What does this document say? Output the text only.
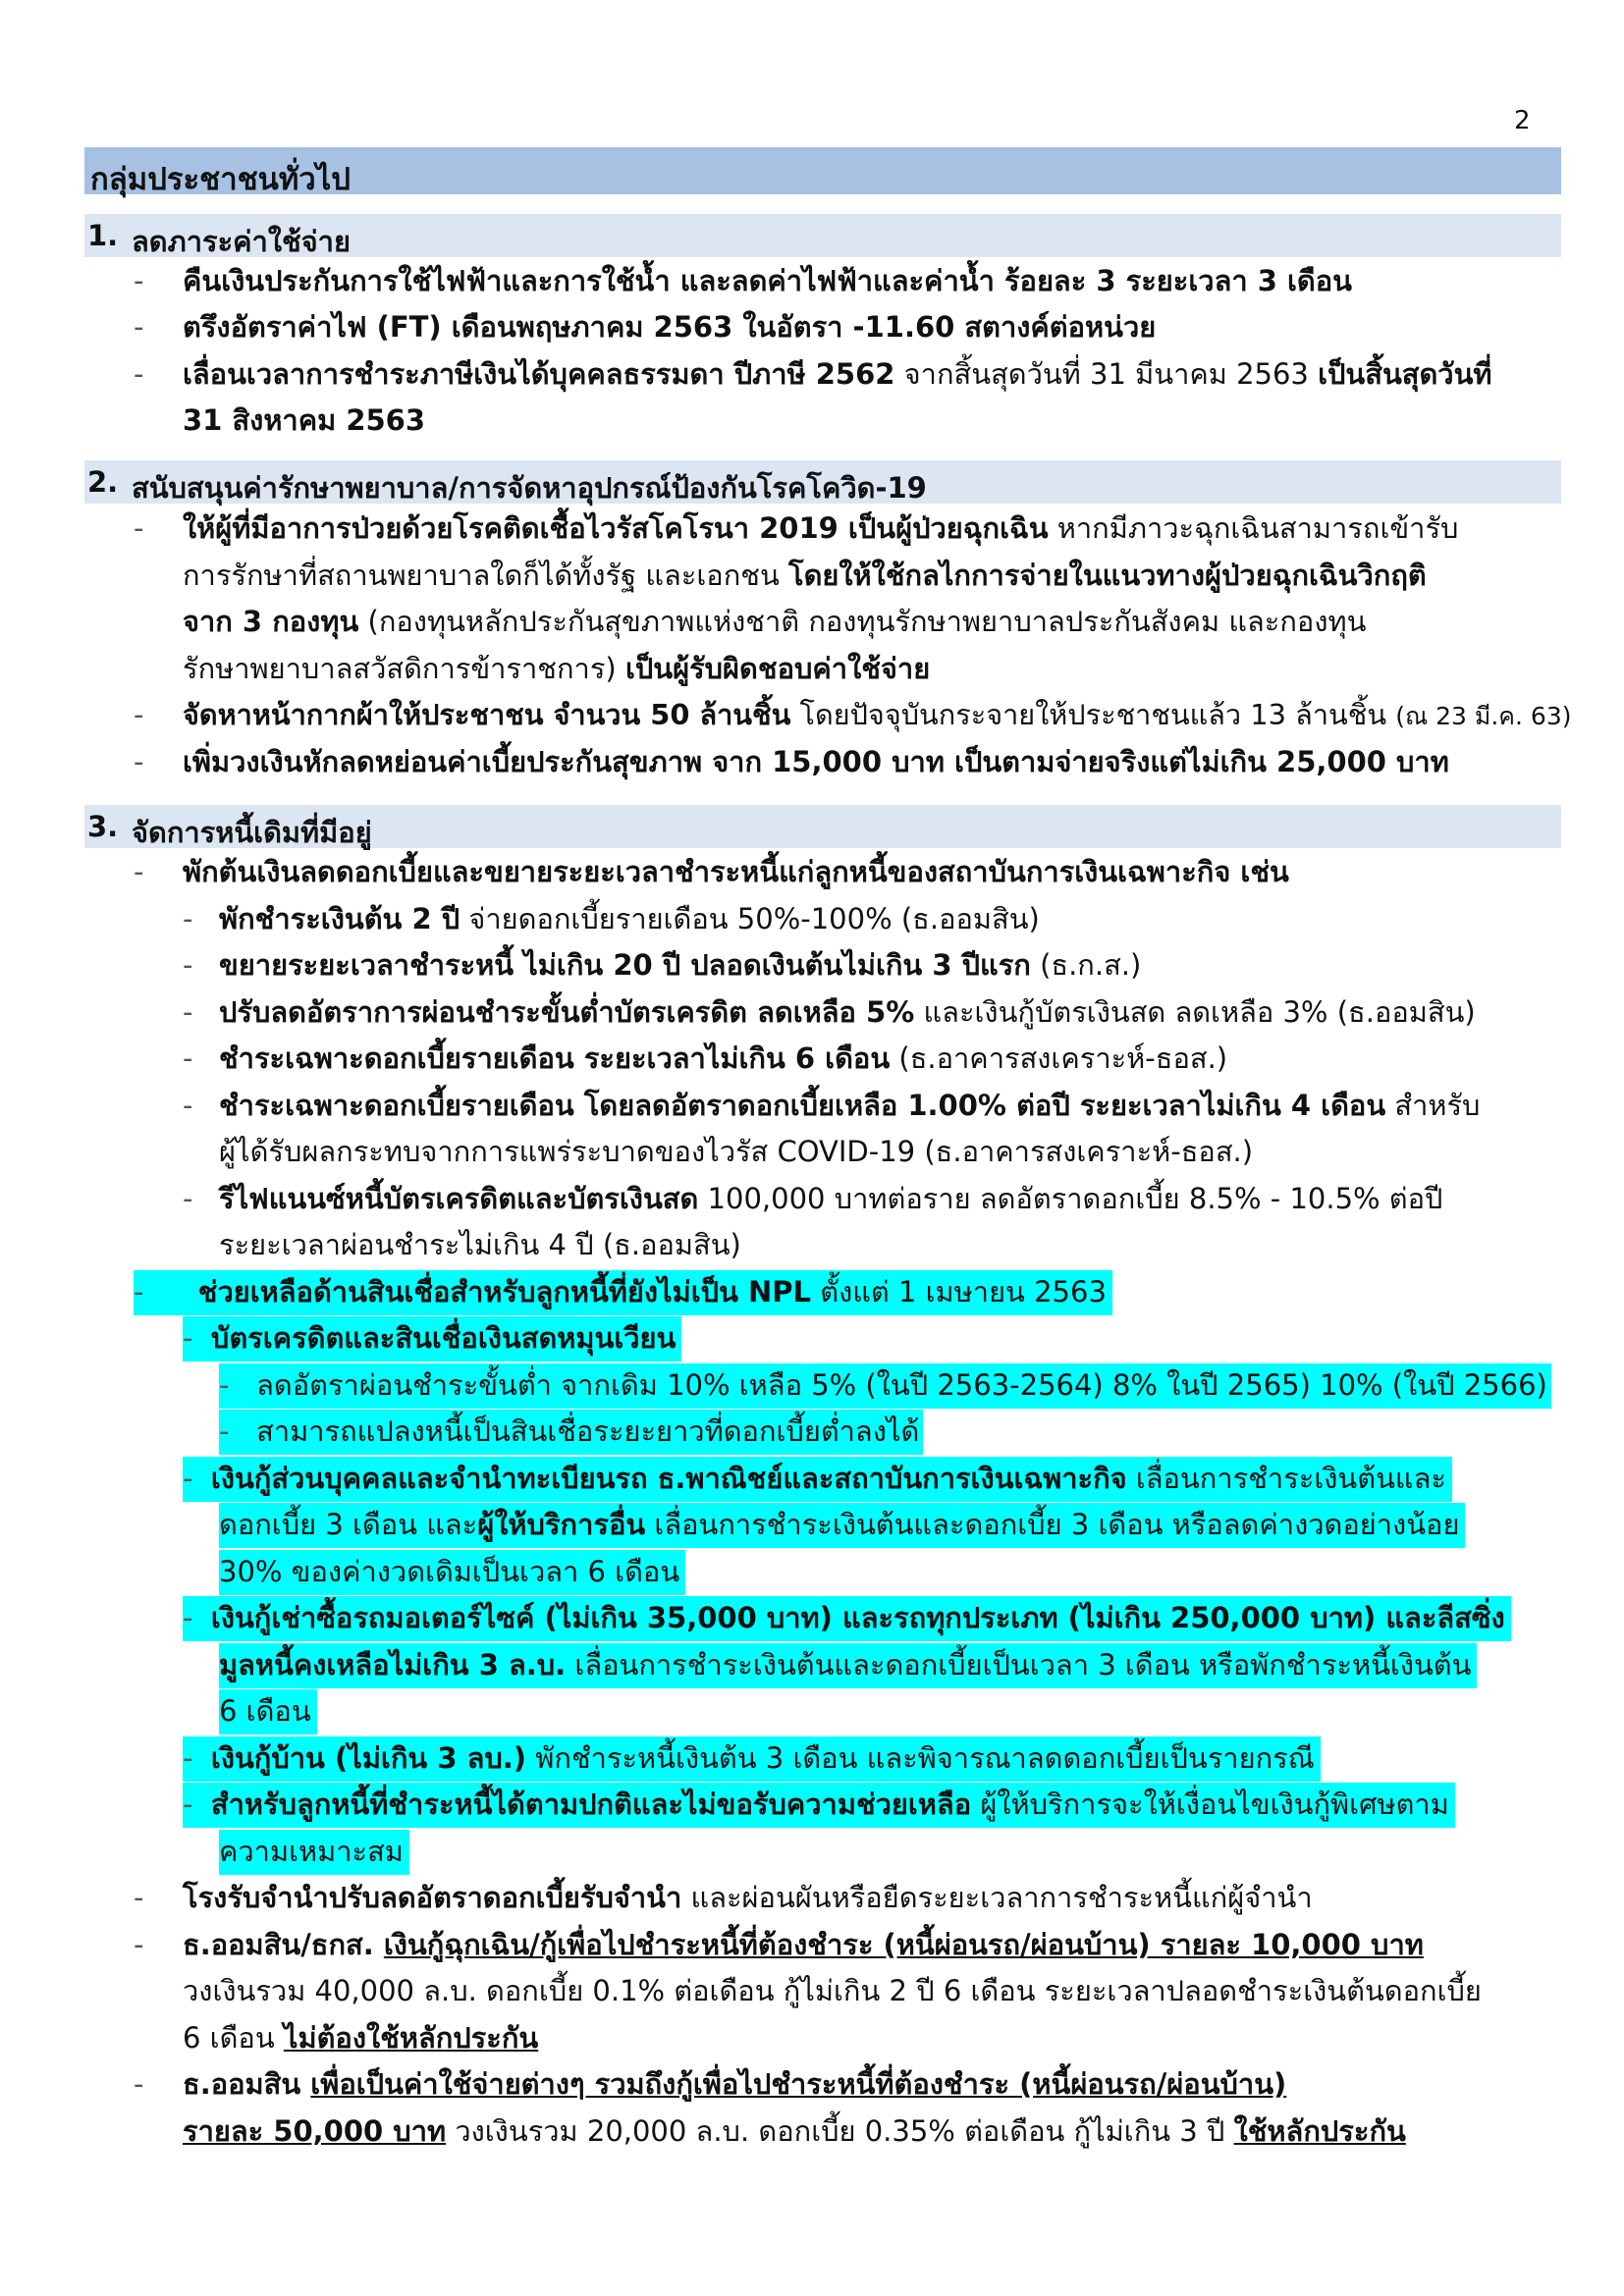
2
กลุ่มประชาชนทั่วไป
1. ลดภาระค่าใช้จ่าย
- คืนเงินประกันการใช้ไฟฟ้าและการใช้น้ำ และลดค่าไฟฟ้าและค่าน้ำ ร้อยละ 3 ระยะเวลา 3 เดือน
- ตรึงอัตราค่าไฟ (FT) เดือนพฤษภาคม 2563 ในอัตรา -11.60 สตางค์ต่อหน่วย
- เลื่อนเวลาการชำระภาษีเงินได้บุคคลธรรมดา ปีภาษี 2562 จากสิ้นสุดวันที่ 31 มีนาคม 2563 เป็นสิ้นสุดวันที่
31 สิงหาคม 2563
2. สนับสนุนค่ารักษาพยาบาล/การจัดหาอุปกรณ์ป้องกันโรคโควิด-19
- ให้ผู้ที่มีอาการป่วยด้วยโรคติดเชื้อไวรัสโคโรนา 2019 เป็นผู้ป่วยฉุกเฉิน หากมีภาวะฉุกเฉินสามารถเข้ารับ
การรักษาที่สถานพยาบาลใดก็ได้ทั้งรัฐ และเอกชน โดยให้ใช้กลไกการจ่ายในแนวทางผู้ป่วยฉุกเฉินวิกฤติ
จาก 3 กองทุน (กองทุนหลักประกันสุขภาพแห่งชาติ กองทุนรักษาพยาบาลประกันสังคม และกองทุน
รักษาพยาบาลสวัสดิการข้าราชการ) เป็นผู้รับผิดชอบค่าใช้จ่าย
- จัดหาหน้ากากผ้าให้ประชาชน จำนวน 50 ล้านชิ้น โดยปัจจุบันกระจายให้ประชาชนแล้ว 13 ล้านชิ้น (ณ 23 มี.ค. 63)
- เพิ่มวงเงินหักลดหย่อนค่าเบี้ยประกันสุขภาพ จาก 15,000 บาท เป็นตามจ่ายจริงแต่ไม่เกิน 25,000 บาท
3. จัดการหนี้เดิมที่มีอยู่
- พักต้นเงินลดดอกเบี้ยและขยายระยะเวลาชำระหนี้แก่ลูกหนี้ของสถาบันการเงินเฉพาะกิจ เช่น
- พักชำระเงินต้น 2 ปี จ่ายดอกเบี้ยรายเดือน 50%-100% (ธ.ออมสิน)
- ขยายระยะเวลาชำระหนี้ ไม่เกิน 20 ปี ปลอดเงินต้นไม่เกิน 3 ปีแรก (ธ.ก.ส.)
- ปรับลดอัตราการผ่อนชำระขั้นต่ำบัตรเครดิต ลดเหลือ 5% และเงินกู้บัตรเงินสด ลดเหลือ 3% (ธ.ออมสิน)
- ชำระเฉพาะดอกเบี้ยรายเดือน ระยะเวลาไม่เกิน 6 เดือน (ธ.อาคารสงเคราะห์-ธอส.)
- ชำระเฉพาะดอกเบี้ยรายเดือน โดยลดอัตราดอกเบี้ยเหลือ 1.00% ต่อปี ระยะเวลาไม่เกิน 4 เดือน สำหรับ
ผู้ได้รับผลกระทบจากการแพร่ระบาดของไวรัส COVID-19 (ธ.อาคารสงเคราะห์-ธอส.)
- รีไฟแนนซ์หนี้บัตรเครดิตและบัตรเงินสด 100,000 บาทต่อราย ลดอัตราดอกเบี้ย 8.5% - 10.5% ต่อปี
ระยะเวลาผ่อนชำระไม่เกิน 4 ปี (ธ.ออมสิน)
-      ช่วยเหลือด้านสินเชื่อสำหรับลูกหนี้ที่ยังไม่เป็น NPL ตั้งแต่ 1 เมษายน 2563
-  บัตรเครดิตและสินเชื่อเงินสดหมุนเวียน
-   ลดอัตราผ่อนชำระขั้นต่ำ จากเดิม 10% เหลือ 5% (ในปี 2563-2564) 8% ในปี 2565) 10% (ในปี 2566)
-   สามารถแปลงหนี้เป็นสินเชื่อระยะยาวที่ดอกเบี้ยต่ำลงได้
-  เงินกู้ส่วนบุคคลและจำนำทะเบียนรถ ธ.พาณิชย์และสถาบันการเงินเฉพาะกิจ เลื่อนการชำระเงินต้นและ
ดอกเบี้ย 3 เดือน และผู้ให้บริการอื่น เลื่อนการชำระเงินต้นและดอกเบี้ย 3 เดือน หรือลดค่างวดอย่างน้อย
30% ของค่างวดเดิมเป็นเวลา 6 เดือน
-  เงินกู้เช่าซื้อรถมอเตอร์ไซค์ (ไม่เกิน 35,000 บาท) และรถทุกประเภท (ไม่เกิน 250,000 บาท) และลีสซิ่ง
มูลหนี้คงเหลือไม่เกิน 3 ล.บ. เลื่อนการชำระเงินต้นและดอกเบี้ยเป็นเวลา 3 เดือน หรือพักชำระหนี้เงินต้น
6 เดือน
-  เงินกู้บ้าน (ไม่เกิน 3 ลบ.) พักชำระหนี้เงินต้น 3 เดือน และพิจารณาลดดอกเบี้ยเป็นรายกรณี
-  สำหรับลูกหนี้ที่ชำระหนี้ได้ตามปกติและไม่ขอรับความช่วยเหลือ ผู้ให้บริการจะให้เงื่อนไขเงินกู้พิเศษตาม
ความเหมาะสม
- โรงรับจำนำปรับลดอัตราดอกเบี้ยรับจำนำ และผ่อนผันหรือยืดระยะเวลาการชำระหนี้แก่ผู้จำนำ
- ธ.ออมสิน/ธกส. เงินกู้ฉุกเฉิน/กู้เพื่อไปชำระหนี้ที่ต้องชำระ (หนี้ผ่อนรถ/ผ่อนบ้าน) รายละ 10,000 บาท
วงเงินรวม 40,000 ล.บ. ดอกเบี้ย 0.1% ต่อเดือน กู้ไม่เกิน 2 ปี 6 เดือน ระยะเวลาปลอดชำระเงินต้นดอกเบี้ย
6 เดือน ไม่ต้องใช้หลักประกัน
- ธ.ออมสิน เพื่อเป็นค่าใช้จ่ายต่างๆ รวมถึงกู้เพื่อไปชำระหนี้ที่ต้องชำระ (หนี้ผ่อนรถ/ผ่อนบ้าน)
รายละ 50,000 บาท วงเงินรวม 20,000 ล.บ. ดอกเบี้ย 0.35% ต่อเดือน กู้ไม่เกิน 3 ปี ใช้หลักประกัน
